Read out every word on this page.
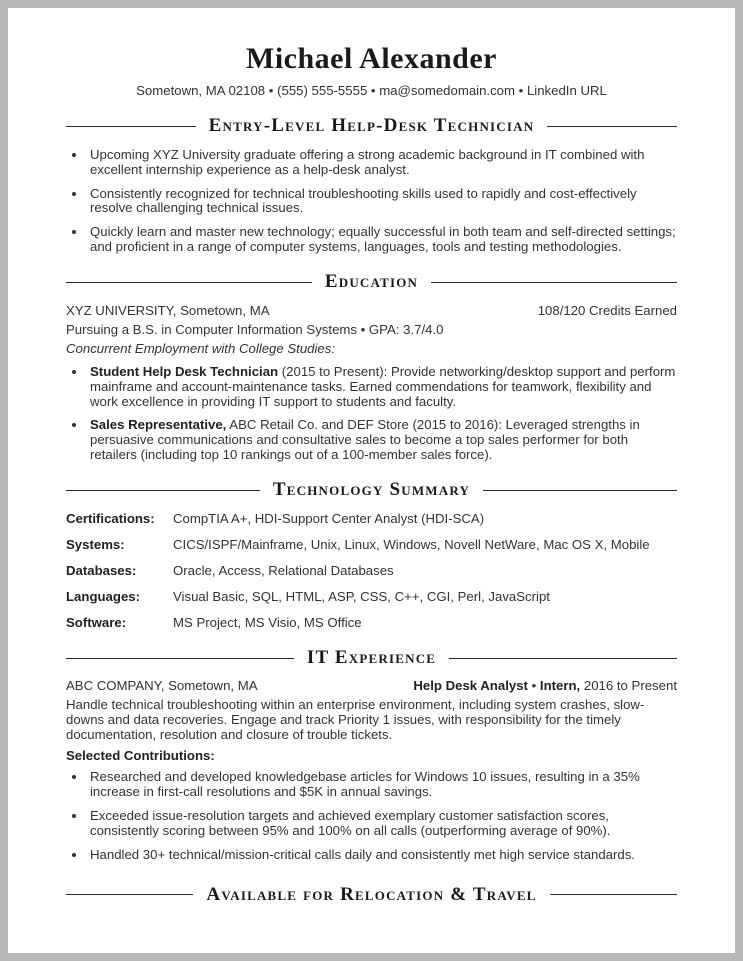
Michael Alexander
Sometown, MA 02108 • (555) 555-5555 • ma@somedomain.com • LinkedIn URL
Entry-Level Help-Desk Technician
• Upcoming XYZ University graduate offering a strong academic background in IT combined with excellent internship experience as a help-desk analyst.
• Consistently recognized for technical troubleshooting skills used to rapidly and cost-effectively resolve challenging technical issues.
• Quickly learn and master new technology; equally successful in both team and self-directed settings; and proficient in a range of computer systems, languages, tools and testing methodologies.
Education
XYZ UNIVERSITY, Sometown, MA	108/120 Credits Earned
Pursuing a B.S. in Computer Information Systems • GPA: 3.7/4.0
Concurrent Employment with College Studies:
• Student Help Desk Technician (2015 to Present): Provide networking/desktop support and perform mainframe and account-maintenance tasks. Earned commendations for teamwork, flexibility and work excellence in providing IT support to students and faculty.
• Sales Representative, ABC Retail Co. and DEF Store (2015 to 2016): Leveraged strengths in persuasive communications and consultative sales to become a top sales performer for both retailers (including top 10 rankings out of a 100-member sales force).
Technology Summary
Certifications:	CompTIA A+, HDI-Support Center Analyst (HDI-SCA)
Systems:	CICS/ISPF/Mainframe, Unix, Linux, Windows, Novell NetWare, Mac OS X, Mobile
Databases:	Oracle, Access, Relational Databases
Languages:	Visual Basic, SQL, HTML, ASP, CSS, C++, CGI, Perl, JavaScript
Software:	MS Project, MS Visio, MS Office
IT Experience
ABC COMPANY, Sometown, MA	Help Desk Analyst • Intern, 2016 to Present

Handle technical troubleshooting within an enterprise environment, including system crashes, slow-downs and data recoveries. Engage and track Priority 1 issues, with responsibility for the timely documentation, resolution and closure of trouble tickets.

Selected Contributions:
• Researched and developed knowledgebase articles for Windows 10 issues, resulting in a 35% increase in first-call resolutions and $5K in annual savings.
• Exceeded issue-resolution targets and achieved exemplary customer satisfaction scores, consistently scoring between 95% and 100% on all calls (outperforming average of 90%).
• Handled 30+ technical/mission-critical calls daily and consistently met high service standards.
Available for Relocation & Travel
